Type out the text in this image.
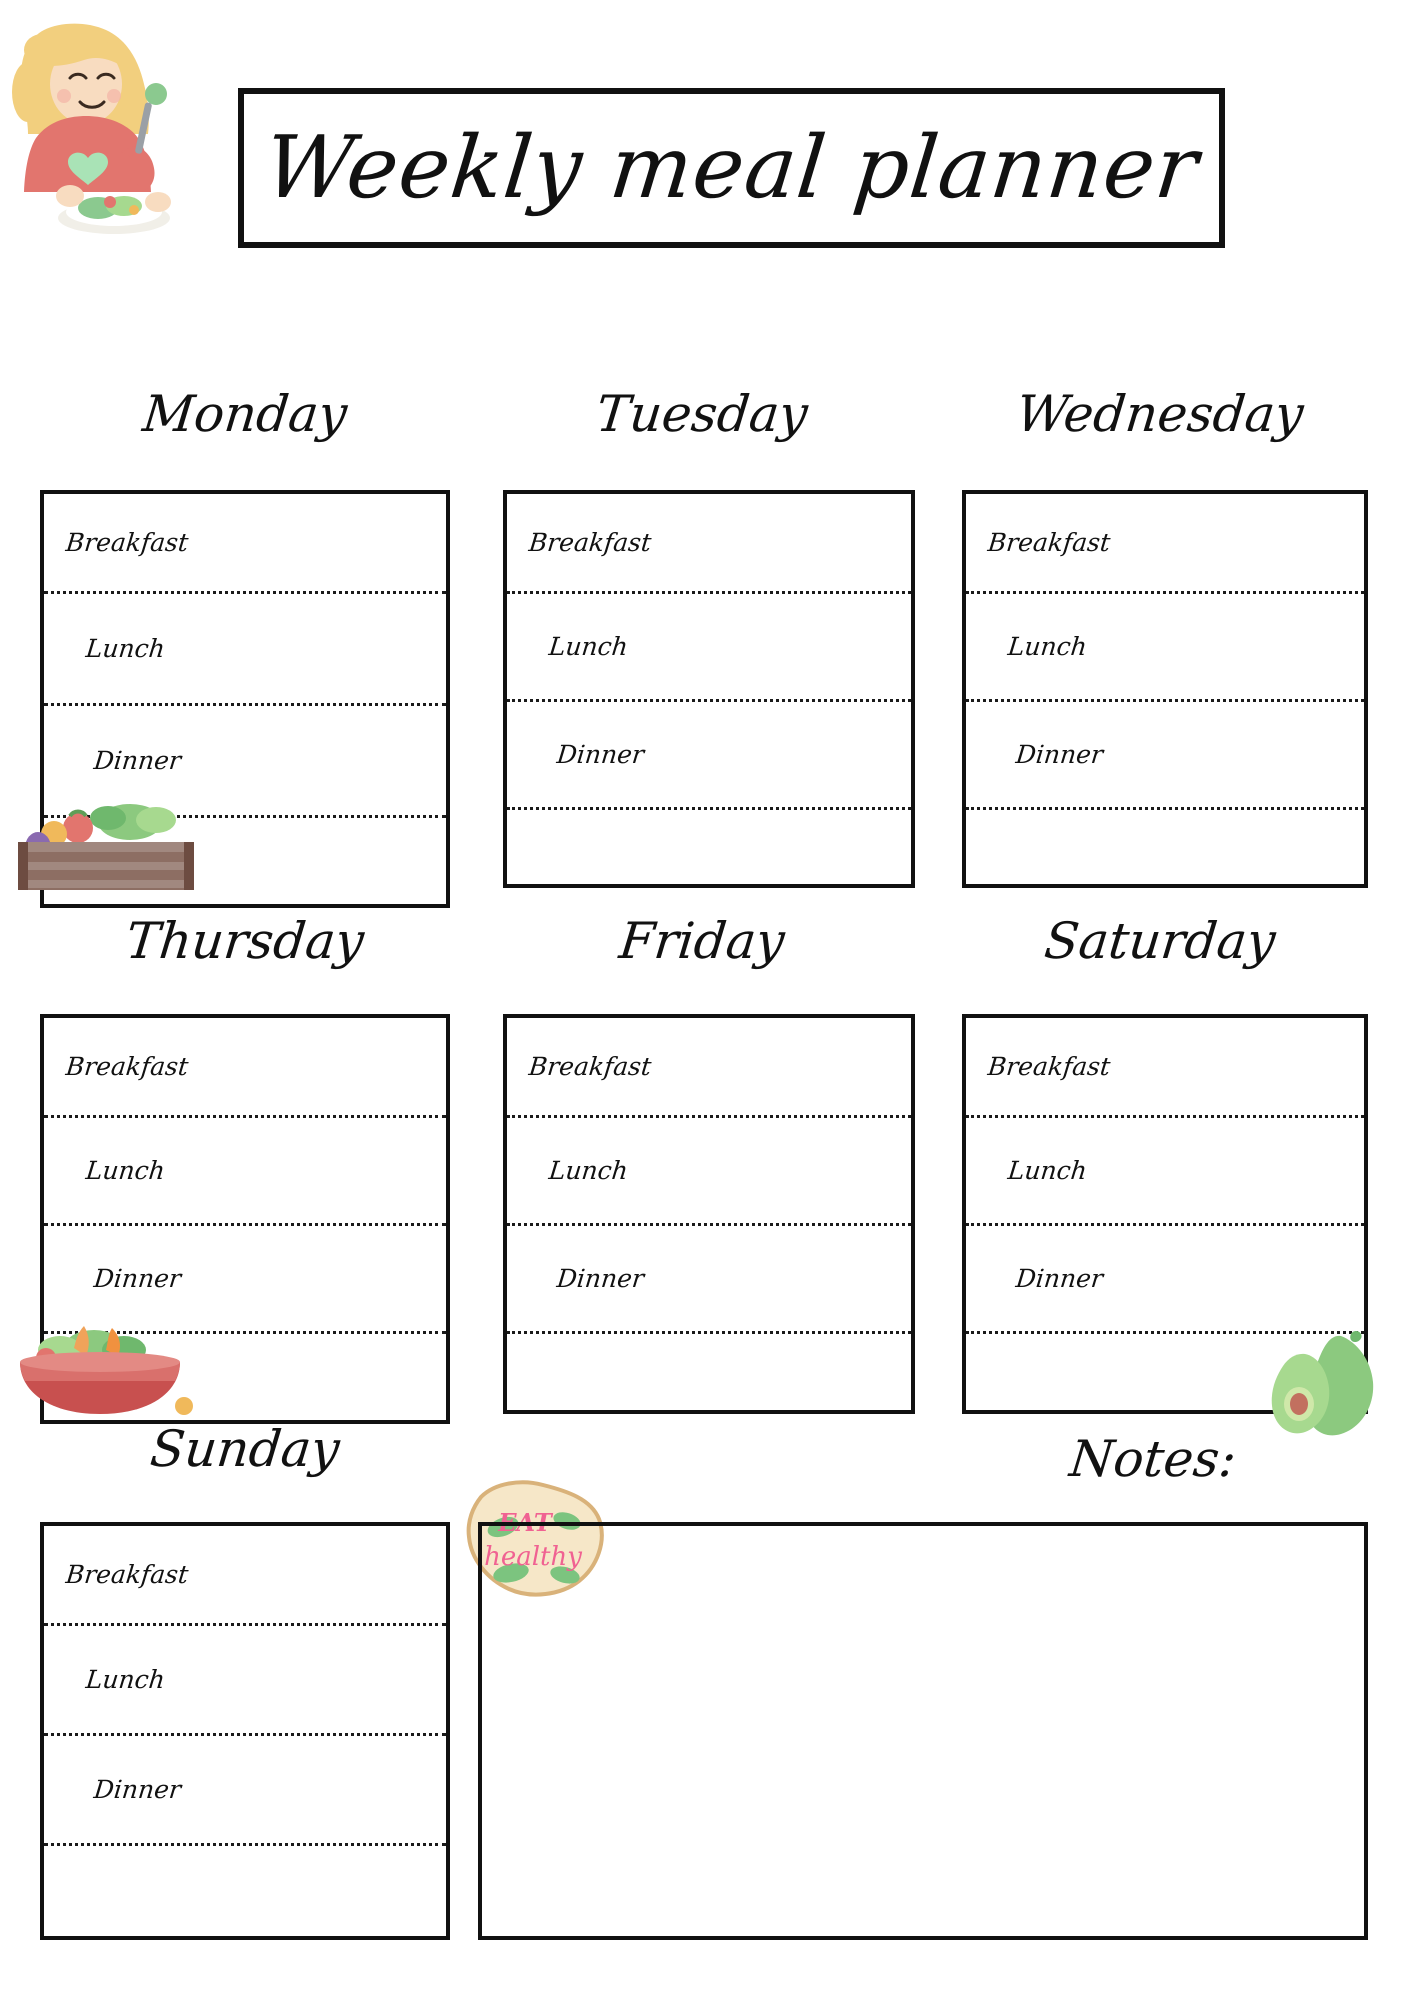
Weekly meal planner
Monday
Breakfast
Lunch
Dinner
Tuesday
Breakfast
Lunch
Dinner
Wednesday
Breakfast
Lunch
Dinner
Thursday
Breakfast
Lunch
Dinner
Friday
Breakfast
Lunch
Dinner
Saturday
Breakfast
Lunch
Dinner
Sunday
Breakfast
Lunch
Dinner
EAT
healthy
Notes:
